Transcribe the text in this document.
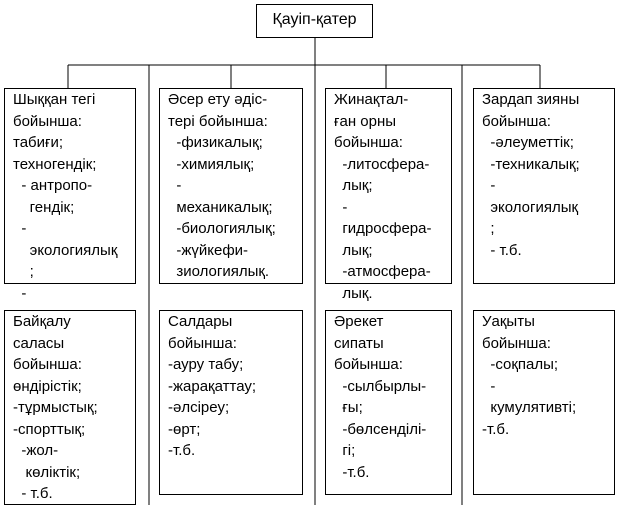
Қауіп-қатер
Шыққан тегі
бойынша:
табиғи;
техногендік;
- антропо-
гендік;
-
экологиялық
;
-
Әсер ету әдіс-
тері бойынша:
-физикалық;
-химиялық;
-
механикалық;
-биологиялық;
-жүйкефи-
зиологиялық.
Жинақтал-
ған орны
бойынша:
-литосфера-
лық;
-
гидросфера-
лық;
-атмосфера-
лық.
Зардап зияны
бойынша:
-әлеуметтік;
-техникалық;
-
экологиялық
;
- т.б.
Байқалу
саласы
бойынша:
өндірістік;
-тұрмыстық;
-спорттық;
-жол-
көліктік;
- т.б.
Салдары
бойынша:
-ауру табу;
-жарақаттау;
-әлсіреу;
-өрт;
-т.б.
Әрекет
сипаты
бойынша:
-сылбырлы-
ғы;
-бөлсенділі-
гі;
-т.б.
Уақыты
бойынша:
-соқпалы;
-
кумулятивті;
-т.б.
